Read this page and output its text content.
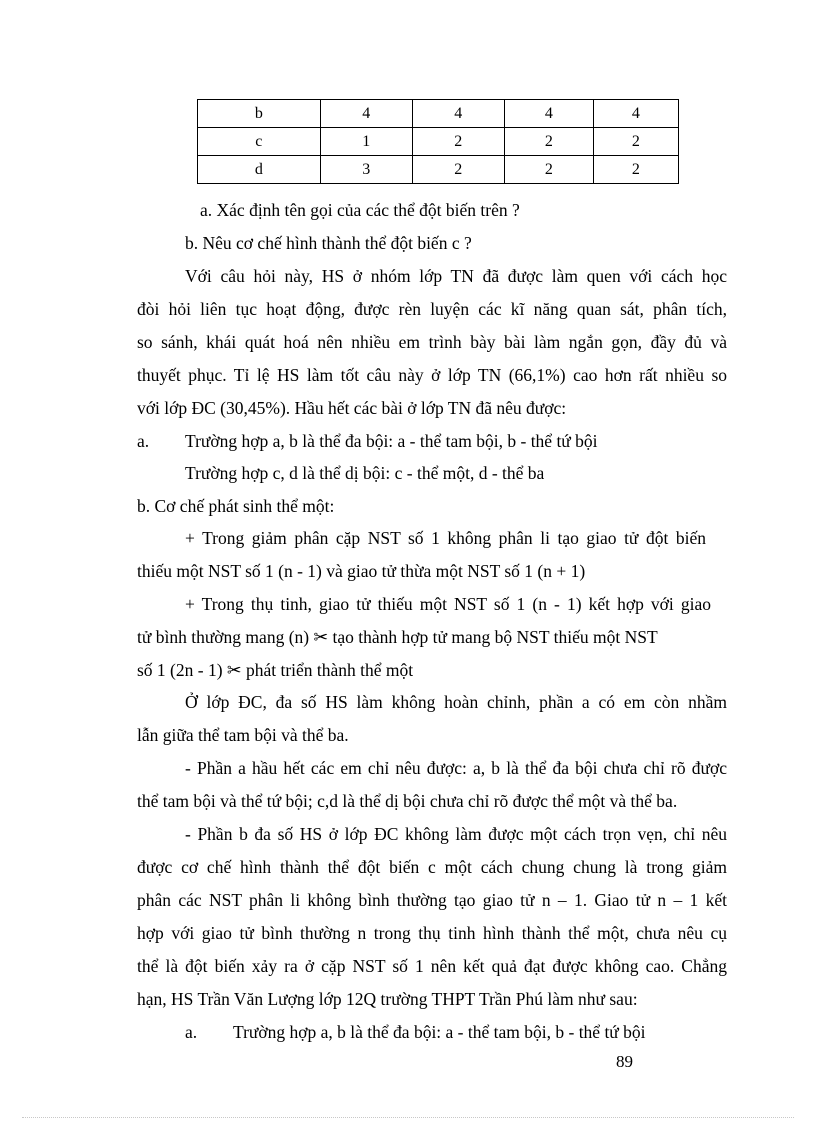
b	4	4	4	4
c	1	2	2	2
d	3	2	2	2
a. Xác định tên gọi của các thể đột biến trên ?
b. Nêu cơ chế hình thành thể đột biến c ?
Với câu hỏi này, HS ở nhóm lớp TN đã được làm quen với cách học
đòi hỏi liên tục hoạt động, được rèn luyện các kĩ năng quan sát, phân tích,
so sánh, khái quát hoá nên nhiều em trình bày bài làm ngắn gọn, đầy đủ và
thuyết phục. Tỉ lệ HS làm tốt câu này ở lớp TN (66,1%) cao hơn rất nhiều so
với lớp ĐC (30,45%). Hầu hết các bài ở lớp TN đã nêu được:
a. Trường hợp a, b là thể đa bội: a - thể tam bội, b - thể tứ bội
Trường hợp c, d là thể dị bội: c - thể một, d - thể ba
b. Cơ chế phát sinh thể một:
+ Trong giảm phân cặp NST số 1 không phân li tạo giao tử đột biến
thiếu một NST số 1 (n - 1) và giao tử thừa một NST số 1 (n + 1)
+ Trong thụ tinh, giao tử thiếu một NST số 1 (n - 1) kết hợp với giao
tử bình thường mang (n) ✂ tạo thành hợp tử mang bộ NST thiếu một NST
số 1 (2n - 1) ✂ phát triển thành thể một
Ở lớp ĐC, đa số HS làm không hoàn chỉnh, phần a có em còn nhầm
lẫn giữa thể tam bội và thể ba.
- Phần a hầu hết các em chỉ nêu được: a, b là thể đa bội chưa chỉ rõ được
thể tam bội và thể tứ bội; c,d là thể dị bội chưa chỉ rõ được thể một và thể ba.
- Phần b đa số HS ở lớp ĐC không làm được một cách trọn vẹn, chỉ nêu
được cơ chế hình thành thể đột biến c một cách chung chung là trong giảm
phân các NST phân li không bình thường tạo giao tử n – 1. Giao tử n – 1 kết
hợp với giao tử bình thường n trong thụ tinh hình thành thể một, chưa nêu cụ
thể là đột biến xảy ra ở cặp NST số 1 nên kết quả đạt được không cao. Chẳng
hạn, HS Trần Văn Lượng lớp 12Q trường THPT Trần Phú làm như sau:
a. Trường hợp a, b là thể đa bội: a - thể tam bội, b - thể tứ bội
89
